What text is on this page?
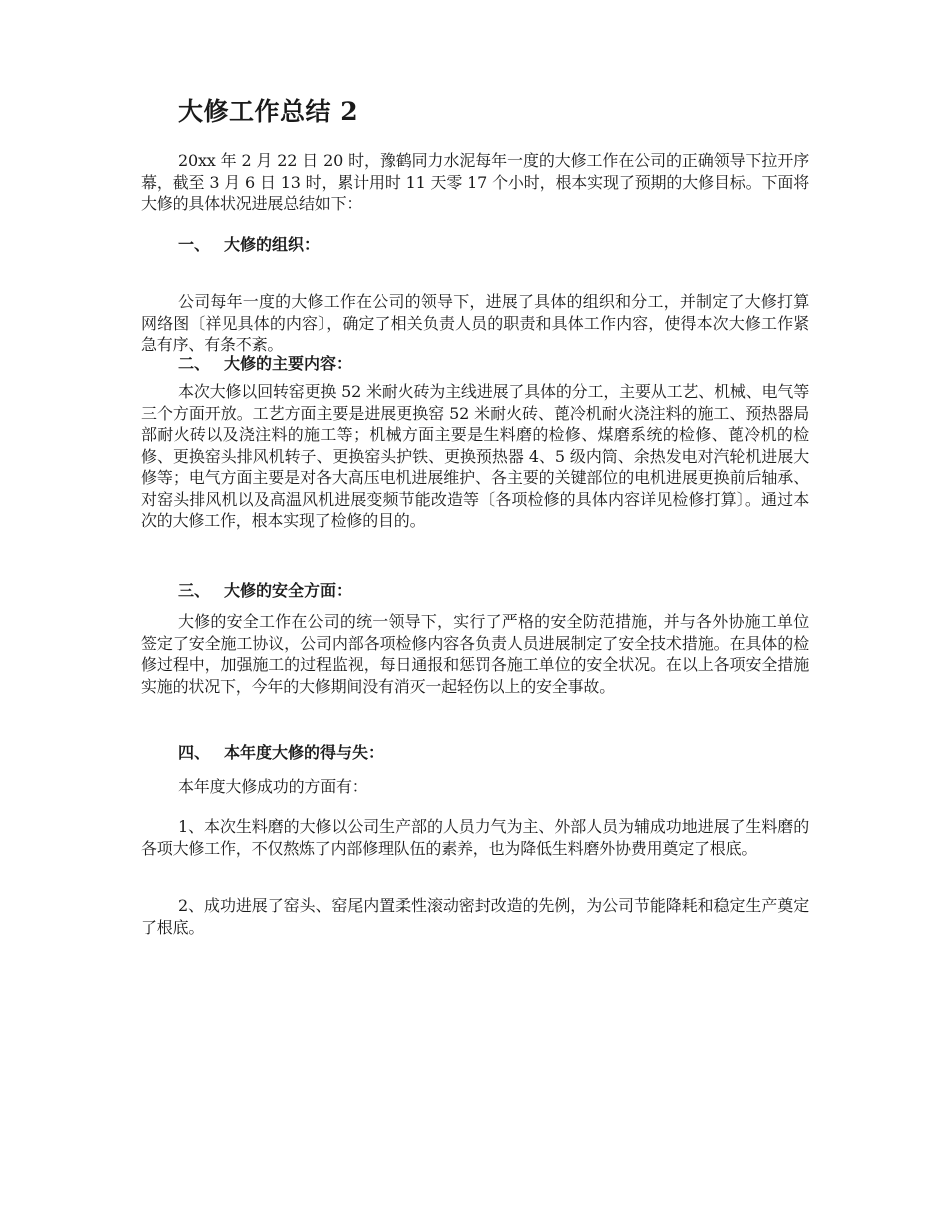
大修工作总结 2

20xx 年 2 月 22 日 20 时，豫鹤同力水泥每年一度的大修工作在公司的正确领导下拉开序幕，截至 3 月 6 日 13 时，累计用时 11 天零 17 个小时，根本实现了预期的大修目标。下面将大修的具体状况进展总结如下：

一、 大修的组织：

公司每年一度的大修工作在公司的领导下，进展了具体的组织和分工，并制定了大修打算网络图〔祥见具体的内容〕，确定了相关负责人员的职责和具体工作内容，使得本次大修工作紧急有序、有条不紊。

二、 大修的主要内容：

本次大修以回转窑更换 52 米耐火砖为主线进展了具体的分工，主要从工艺、机械、电气等三个方面开放。工艺方面主要是进展更换窑 52 米耐火砖、蓖冷机耐火浇注料的施工、预热器局部耐火砖以及浇注料的施工等；机械方面主要是生料磨的检修、煤磨系统的检修、蓖冷机的检修、更换窑头排风机转子、更换窑头护铁、更换预热器 4、5 级内筒、余热发电对汽轮机进展大修等；电气方面主要是对各大高压电机进展维护、各主要的关键部位的电机进展更换前后轴承、对窑头排风机以及高温风机进展变频节能改造等〔各项检修的具体内容详见检修打算〕。通过本次的大修工作，根本实现了检修的目的。

三、 大修的安全方面：

大修的安全工作在公司的统一领导下，实行了严格的安全防范措施，并与各外协施工单位签定了安全施工协议，公司内部各项检修内容各负责人员进展制定了安全技术措施。在具体的检修过程中，加强施工的过程监视，每日通报和惩罚各施工单位的安全状况。在以上各项安全措施实施的状况下，今年的大修期间没有消灭一起轻伤以上的安全事故。

四、 本年度大修的得与失：

本年度大修成功的方面有：

1、本次生料磨的大修以公司生产部的人员力气为主、外部人员为辅成功地进展了生料磨的各项大修工作，不仅熬炼了内部修理队伍的素养，也为降低生料磨外协费用奠定了根底。

2、成功进展了窑头、窑尾内置柔性滚动密封改造的先例，为公司节能降耗和稳定生产奠定了根底。
